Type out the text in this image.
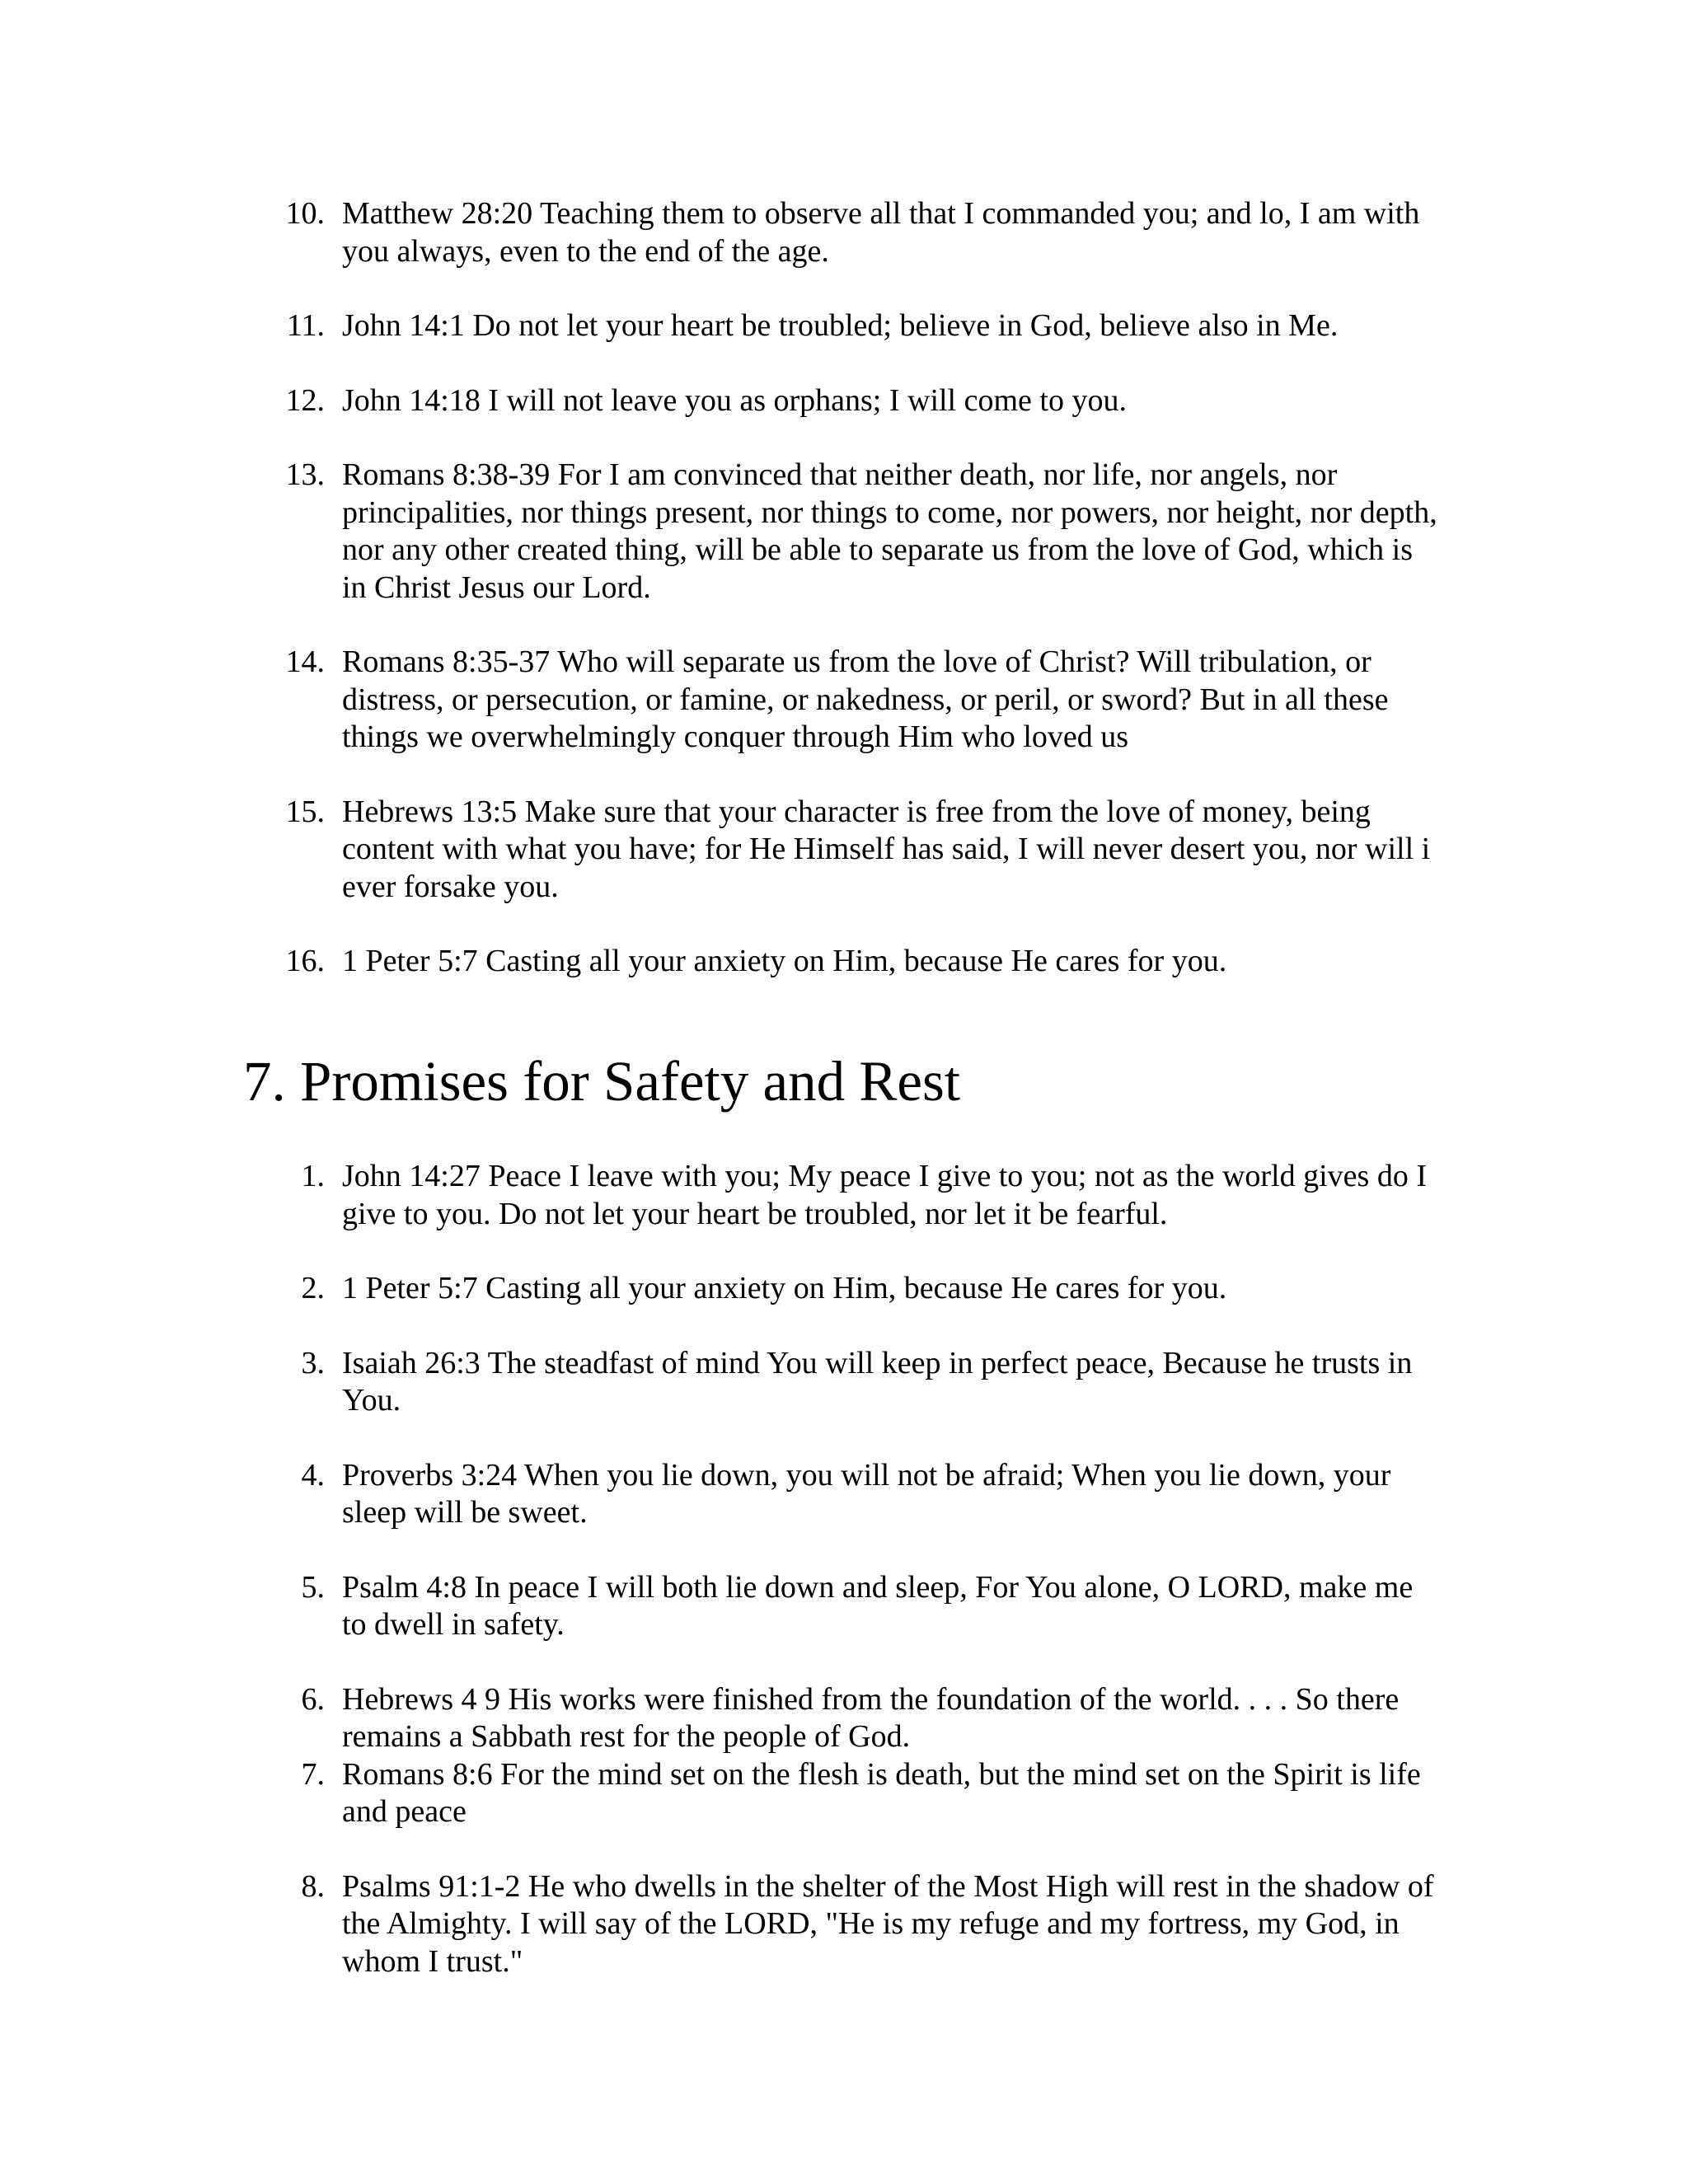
10. Matthew 28:20 Teaching them to observe all that I commanded you; and lo, I am with you always, even to the end of the age.
11. John 14:1 Do not let your heart be troubled; believe in God, believe also in Me.
12. John 14:18 I will not leave you as orphans; I will come to you.
13. Romans 8:38-39 For I am convinced that neither death, nor life, nor angels, nor principalities, nor things present, nor things to come, nor powers, nor height, nor depth, nor any other created thing, will be able to separate us from the love of God, which is in Christ Jesus our Lord.
14. Romans 8:35-37 Who will separate us from the love of Christ? Will tribulation, or distress, or persecution, or famine, or nakedness, or peril, or sword? But in all these things we overwhelmingly conquer through Him who loved us
15. Hebrews 13:5 Make sure that your character is free from the love of money, being content with what you have; for He Himself has said, I will never desert you, nor will i ever forsake you.
16. 1 Peter 5:7 Casting all your anxiety on Him, because He cares for you.
7. Promises for Safety and Rest
1. John 14:27 Peace I leave with you; My peace I give to you; not as the world gives do I give to you. Do not let your heart be troubled, nor let it be fearful.
2. 1 Peter 5:7 Casting all your anxiety on Him, because He cares for you.
3. Isaiah 26:3 The steadfast of mind You will keep in perfect peace, Because he trusts in You.
4. Proverbs 3:24 When you lie down, you will not be afraid; When you lie down, your sleep will be sweet.
5. Psalm 4:8 In peace I will both lie down and sleep, For You alone, O LORD, make me to dwell in safety.
6. Hebrews 4 9 His works were finished from the foundation of the world. . . . So there remains a Sabbath rest for the people of God.
7. Romans 8:6 For the mind set on the flesh is death, but the mind set on the Spirit is life and peace
8. Psalms 91:1-2 He who dwells in the shelter of the Most High will rest in the shadow of the Almighty. I will say of the LORD, "He is my refuge and my fortress, my God, in whom I trust."
